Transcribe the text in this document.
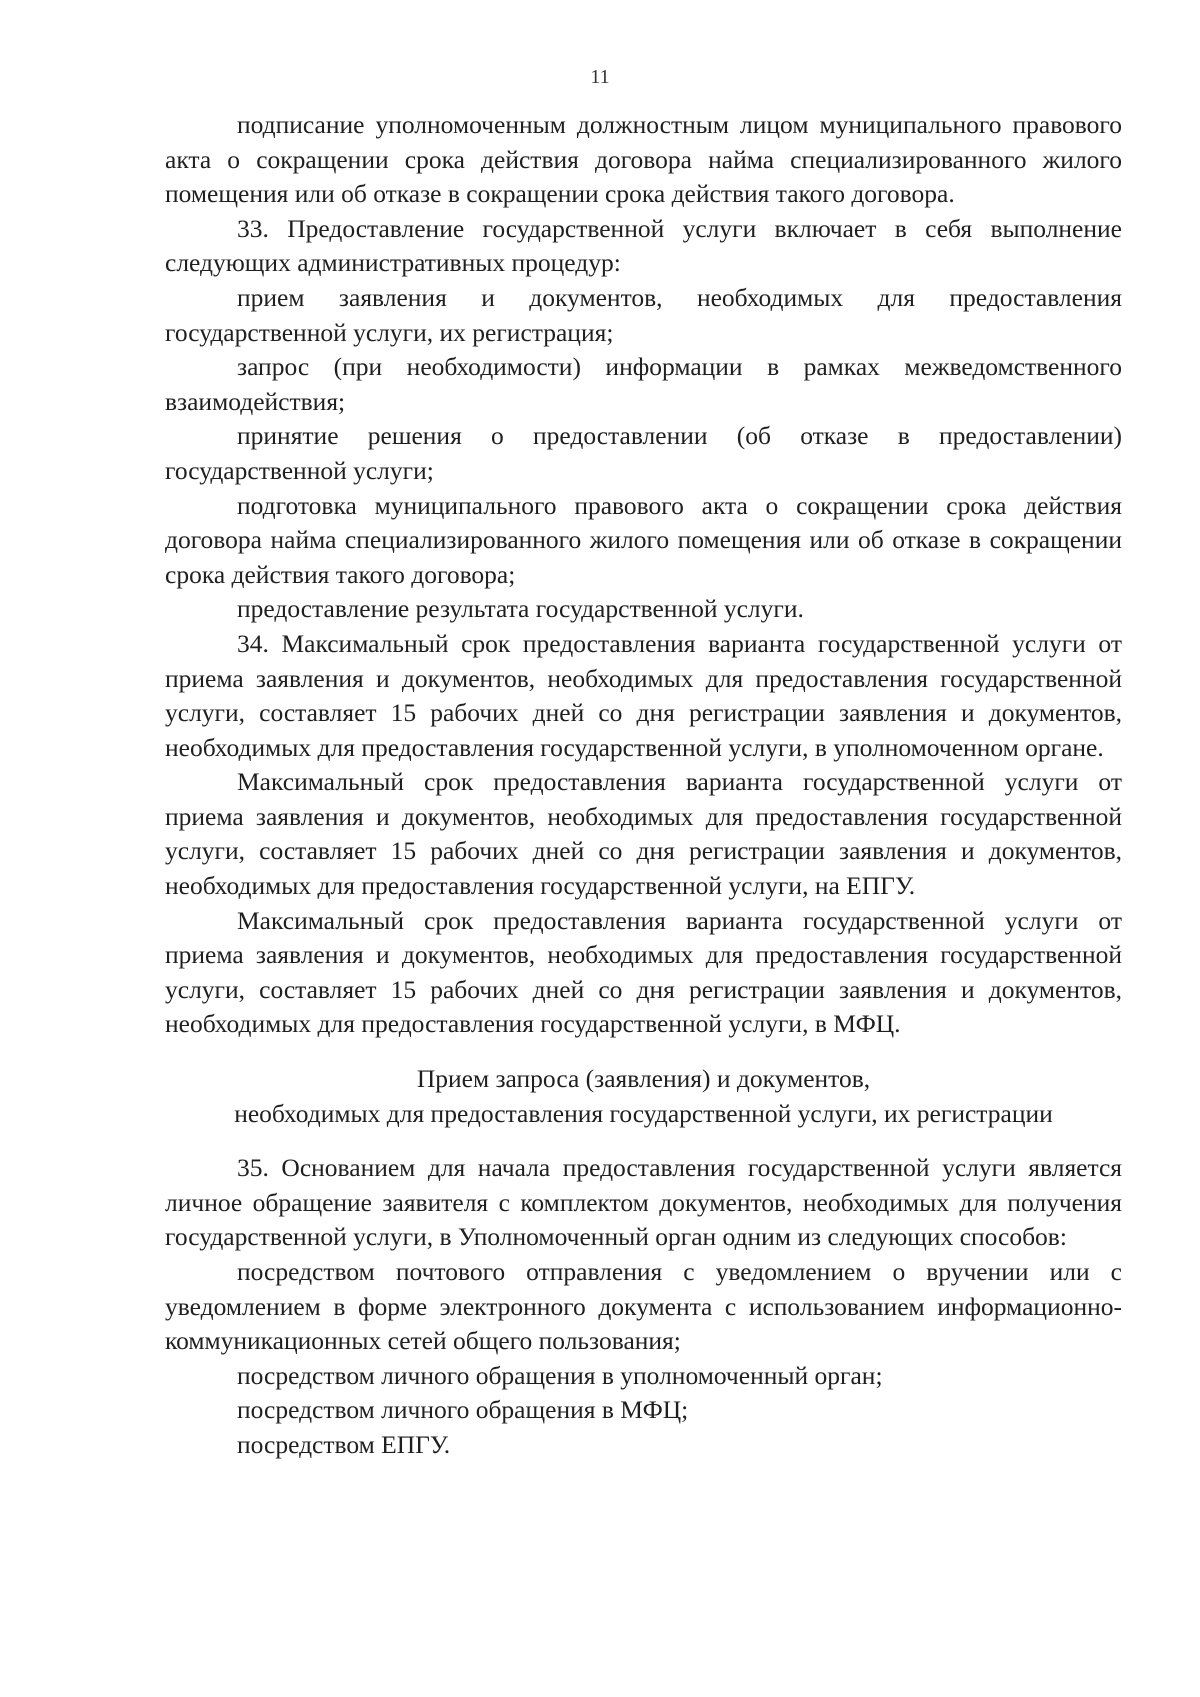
11

подписание уполномоченным должностным лицом муниципального правового акта о сокращении срока действия договора найма специализированного жилого помещения или об отказе в сокращении срока действия такого договора.

33. Предоставление государственной услуги включает в себя выполнение следующих административных процедур:

прием заявления и документов, необходимых для предоставления государственной услуги, их регистрация;

запрос (при необходимости) информации в рамках межведомственного взаимодействия;

принятие решения о предоставлении (об отказе в предоставлении) государственной услуги;

подготовка муниципального правового акта о сокращении срока действия договора найма специализированного жилого помещения или об отказе в сокращении срока действия такого договора;

предоставление результата государственной услуги.

34. Максимальный срок предоставления варианта государственной услуги от приема заявления и документов, необходимых для предоставления государственной услуги, составляет 15 рабочих дней со дня регистрации заявления и документов, необходимых для предоставления государственной услуги, в уполномоченном органе.

Максимальный срок предоставления варианта государственной услуги от приема заявления и документов, необходимых для предоставления государственной услуги, составляет 15 рабочих дней со дня регистрации заявления и документов, необходимых для предоставления государственной услуги, на ЕПГУ.

Максимальный срок предоставления варианта государственной услуги от приема заявления и документов, необходимых для предоставления государственной услуги, составляет 15 рабочих дней со дня регистрации заявления и документов, необходимых для предоставления государственной услуги, в МФЦ.

Прием запроса (заявления) и документов,

необходимых для предоставления государственной услуги, их регистрации

35. Основанием для начала предоставления государственной услуги является личное обращение заявителя с комплектом документов, необходимых для получения государственной услуги, в Уполномоченный орган одним из следующих способов:

посредством почтового отправления с уведомлением о вручении или с уведомлением в форме электронного документа с использованием информационно-коммуникационных сетей общего пользования;

посредством личного обращения в уполномоченный орган;

посредством личного обращения в МФЦ;

посредством ЕПГУ.
